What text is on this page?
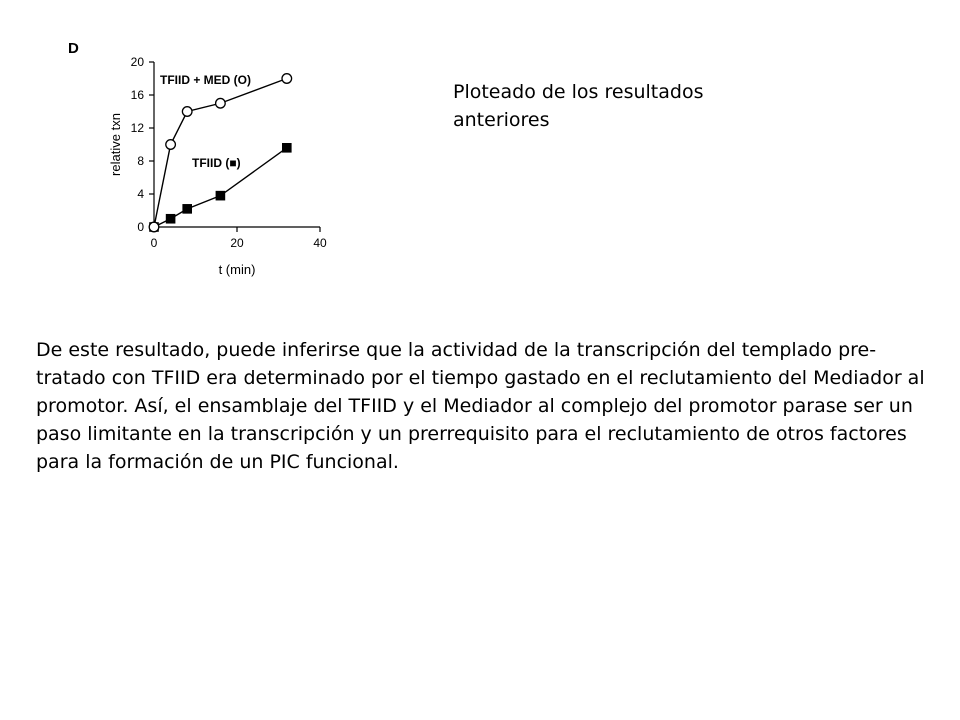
D
0
4
8
12
16
20
0	20	40
relative txn
t (min)
TFIID + MED (O)
TFIID (■)

Ploteado de los resultados anteriores

De este resultado, puede inferirse que la actividad de la transcripción del templado pre-tratado con TFIID era determinado por el tiempo gastado en el reclutamiento del Mediador al promotor. Así, el ensamblaje del TFIID y el Mediador al complejo del promotor parase ser un paso limitante en la transcripción y un prerrequisito para el reclutamiento de otros factores para la formación de un PIC funcional.
